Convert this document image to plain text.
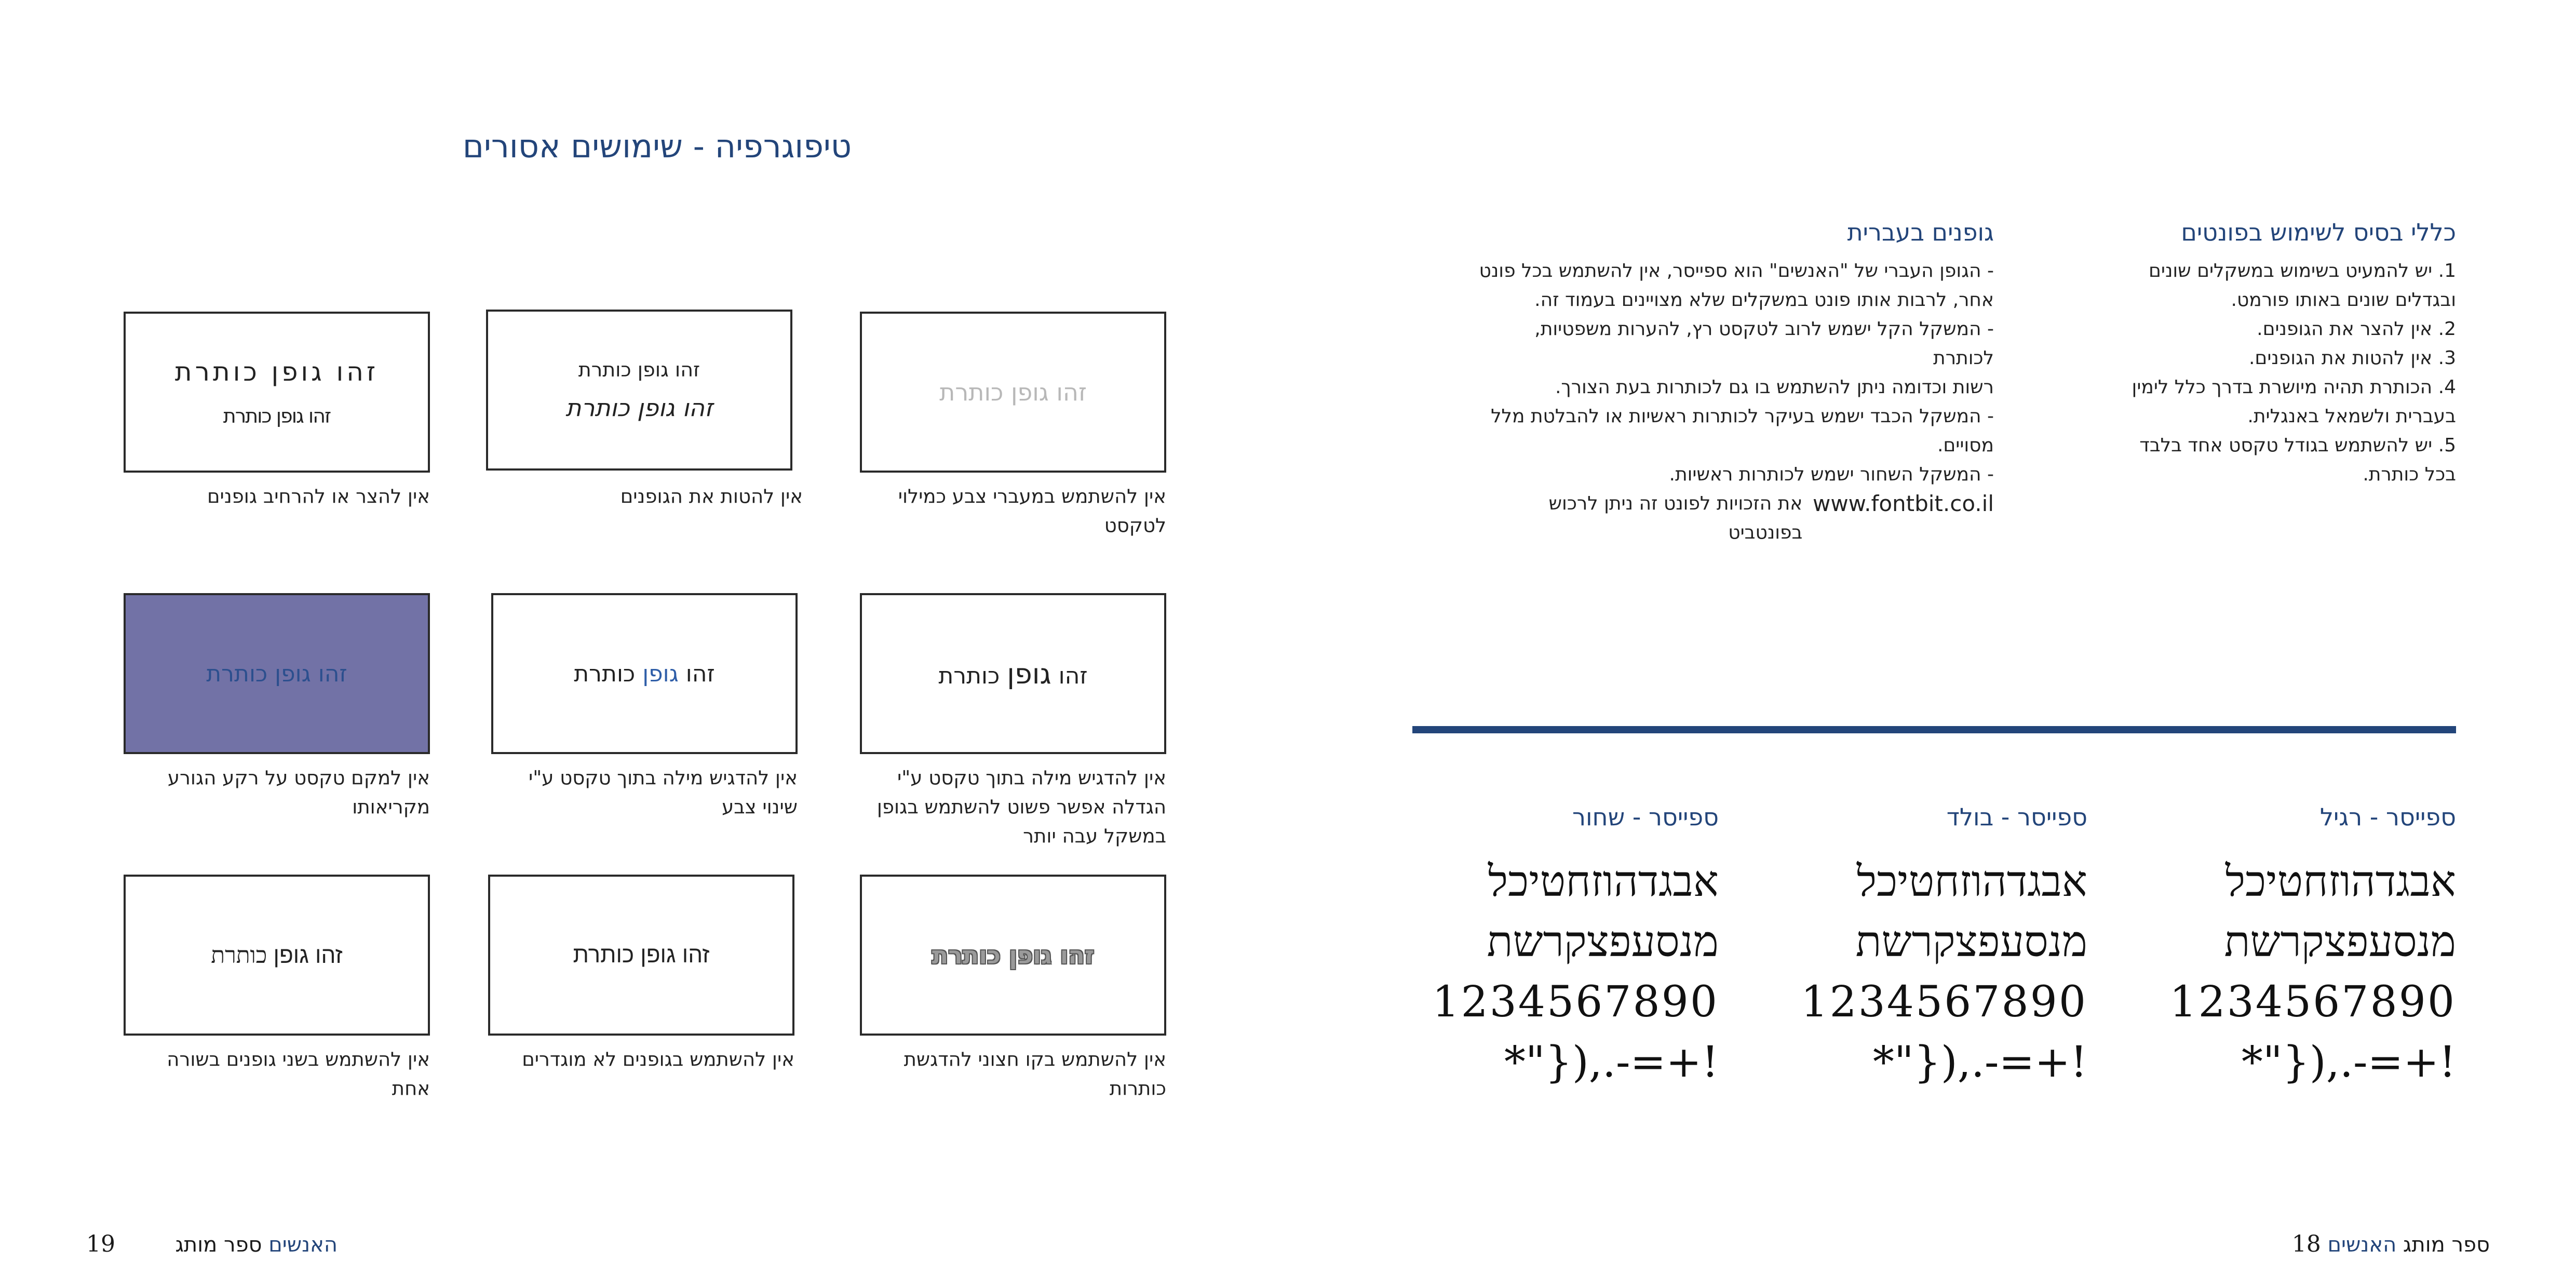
טיפוגרפיה - שימושים אסורים
זהו גופן כותרת
אין להשתמש במעברי צבע כמילוי לטקסט
זהו גופן כותרת
זהו גופן כותרת
אין להטות את הגופנים
זהו גופן כותרת
זהו גופן כותרת
אין להצר או להרחיב גופנים
זהו גופן כותרת
אין להדגיש מילה בתוך טקסט ע"י הגדלה אפשר פשוט להשתמש בגופן במשקל עבה יותר
זהו גופן כותרת
אין להדגיש מילה בתוך טקסט ע"י שינוי צבע
זהו גופן כותרת
אין למקם טקסט על רקע הגורע מקריאותו
זהו גופן כותרת
אין להשתמש בקו חצוני להדגשת כותרות
זהו גופן כותרת
אין להשתמש בגופנים לא מוגדרים
זהו גופן כותרת
אין להשתמש בשני גופנים בשורה אחת
19	האנשים ספר מותג
כללי בסיס לשימוש בפונטים
1. יש להמעיט בשימוש במשקלים שונים
ובגדלים שונים באותו פורמט.
2. אין להצר את הגופנים.
3. אין להטות את הגופנים.
4. הכותרת תהיה מיושרת בדרך כלל לימין
בעברית ולשמאל באנגלית.
5. יש להשתמש בגודל טקסט אחד בלבד
בכל כותרת.
גופנים בעברית
- הגופן העברי של "האנשים" הוא ספייסר, אין להשתמש בכל פונט
אחר, לרבות אותו פונט במשקלים שלא מצויינים בעמוד זה.
- המשקל הקל ישמש לרוב לטקסט רץ, להערות משפטיות, לכותרת
רשות וכדומה ניתן להשתמש בו גם לכותרות בעת הצורך.
- המשקל הכבד ישמש בעיקר לכותרות ראשיות או להבלטת מלל
מסויים.
- המשקל השחור ישמש לכותרות ראשיות.
את הזכויות לפונט זה ניתן לרכוש בפונטביט
www.fontbit.co.il
ספייסר - רגיל
אבגדהוזחטיכל
מנסעפצקרשת
1234567890
!+=-.,({"*
ספייסר - בולד
אבגדהוזחטיכל
מנסעפצקרשת
1234567890
!+=-.,({"*
ספייסר - שחור
אבגדהוזחטיכל
מנסעפצקרשת
1234567890
!+=-.,({"*
ספר מותג האנשים 18
